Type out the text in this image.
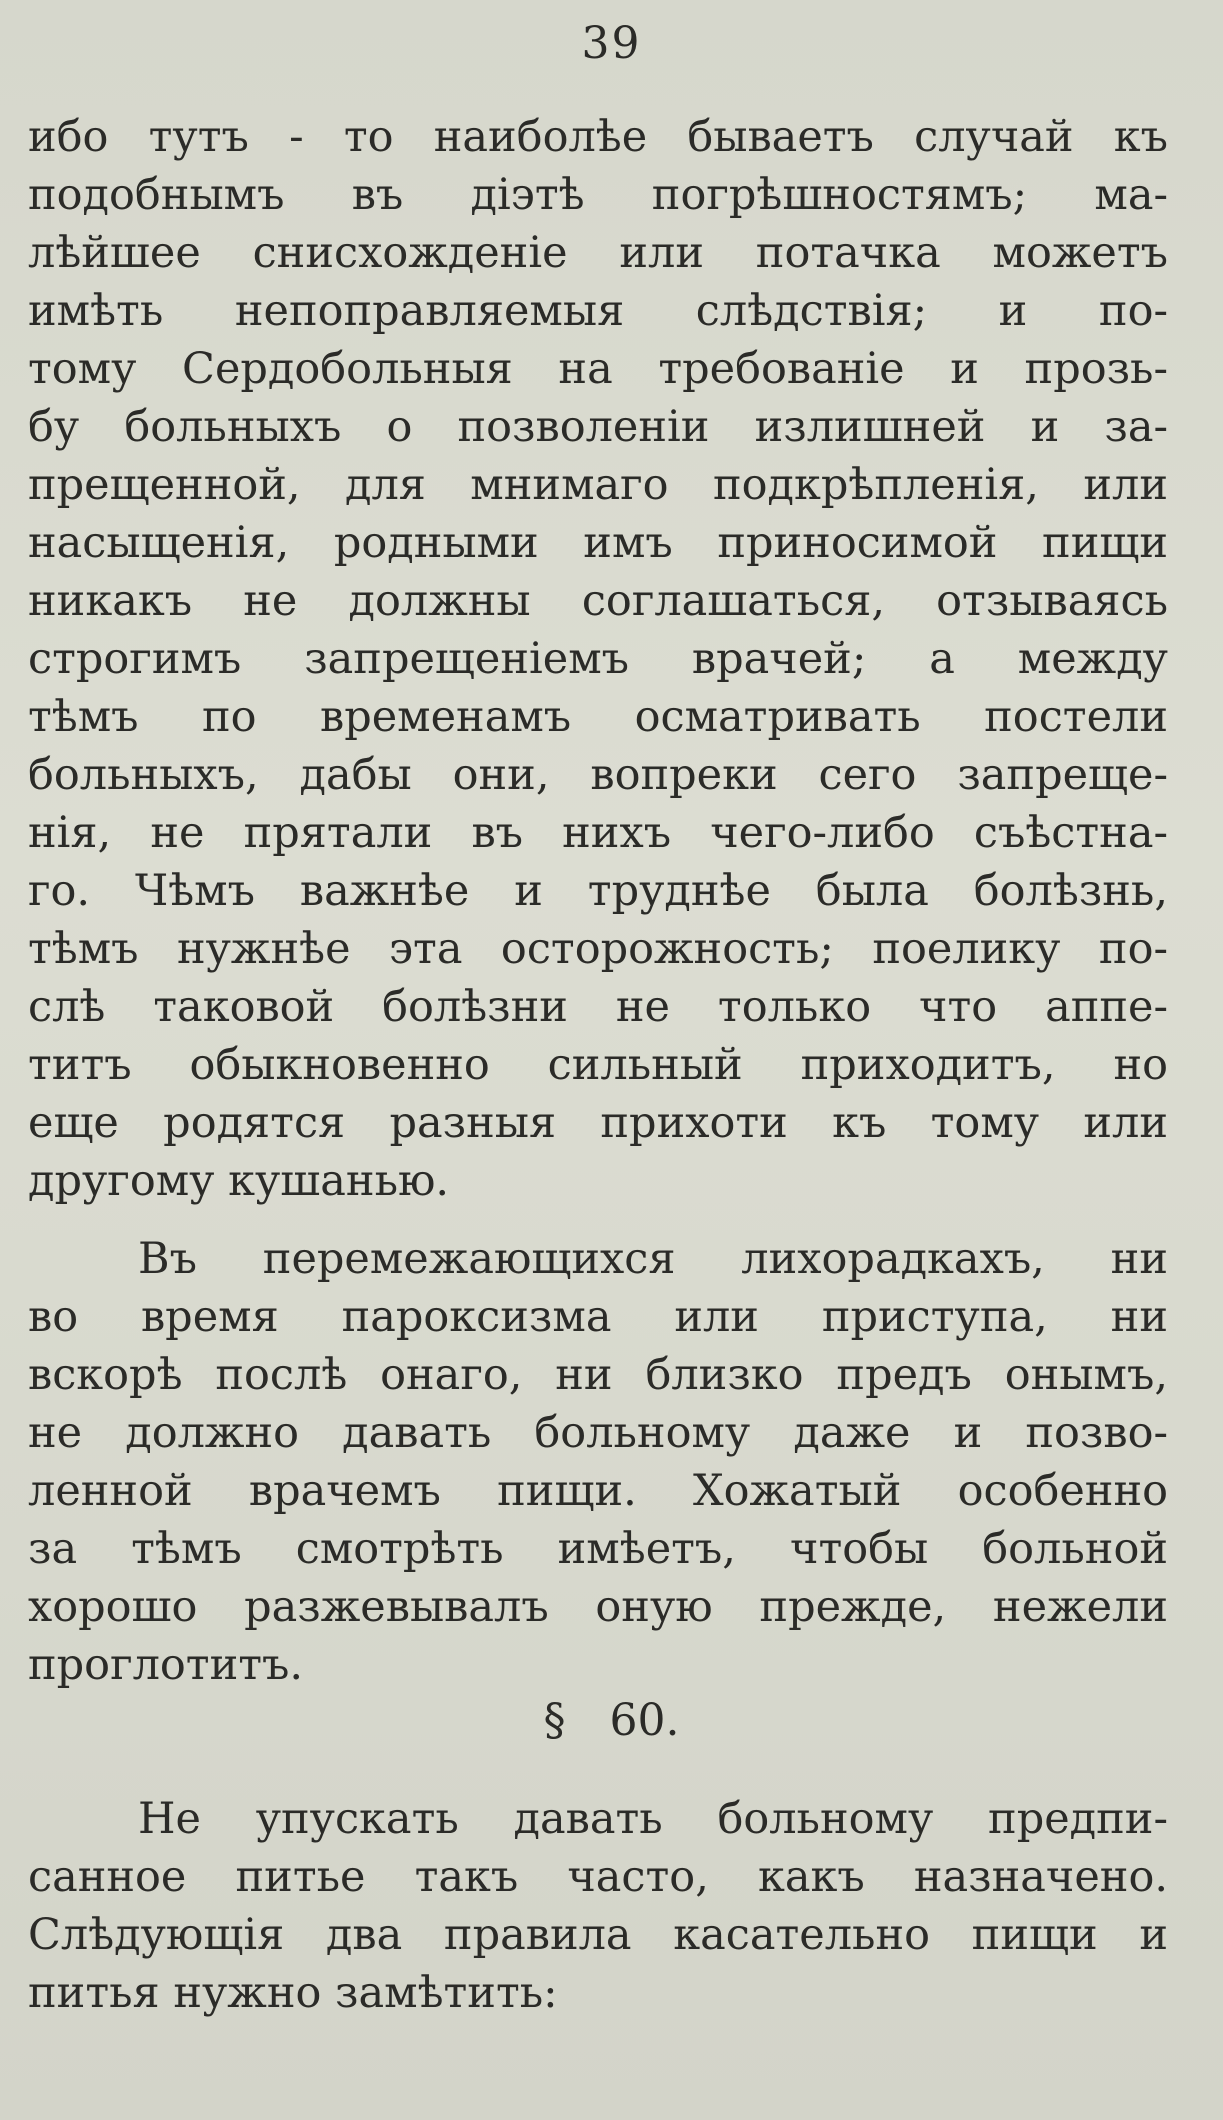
39
ибо тутъ - то наиболѣе бываетъ случай къ
подобнымъ въ діэтѣ погрѣшностямъ; ма-
лѣйшее снисхожденіе или потачка можетъ
имѣть непоправляемыя слѣдствія; и по-
тому Сердобольныя на требованіе и прозь-
бу больныхъ о позволеніи излишней и за-
прещенной, для мнимаго подкрѣпленія, или
насыщенія, родными имъ приносимой пищи
никакъ не должны соглашаться, отзываясь
строгимъ запрещеніемъ врачей; а между
тѣмъ по временамъ осматривать постели
больныхъ, дабы они, вопреки сего запреще-
нія, не прятали въ нихъ чего-либо съѣстна-
го. Чѣмъ важнѣе и труднѣе была болѣзнь,
тѣмъ нужнѣе эта осторожность; поелику по-
слѣ таковой болѣзни не только что аппе-
титъ обыкновенно сильный приходитъ, но
еще родятся разныя прихоти къ тому или
другому кушанью.
Въ перемежающихся лихорадкахъ, ни
во время пароксизма или приступа, ни
вскорѣ послѣ онаго, ни близко предъ онымъ,
не должно давать больному даже и позво-
ленной врачемъ пищи. Хожатый особенно
за тѣмъ смотрѣть имѣетъ, чтобы больной
хорошо разжевывалъ оную прежде, нежели
проглотитъ.
§ 60.
Не упускать давать больному предпи-
санное питье такъ часто, какъ назначено.
Слѣдующія два правила касательно пищи и
питья нужно замѣтить:
